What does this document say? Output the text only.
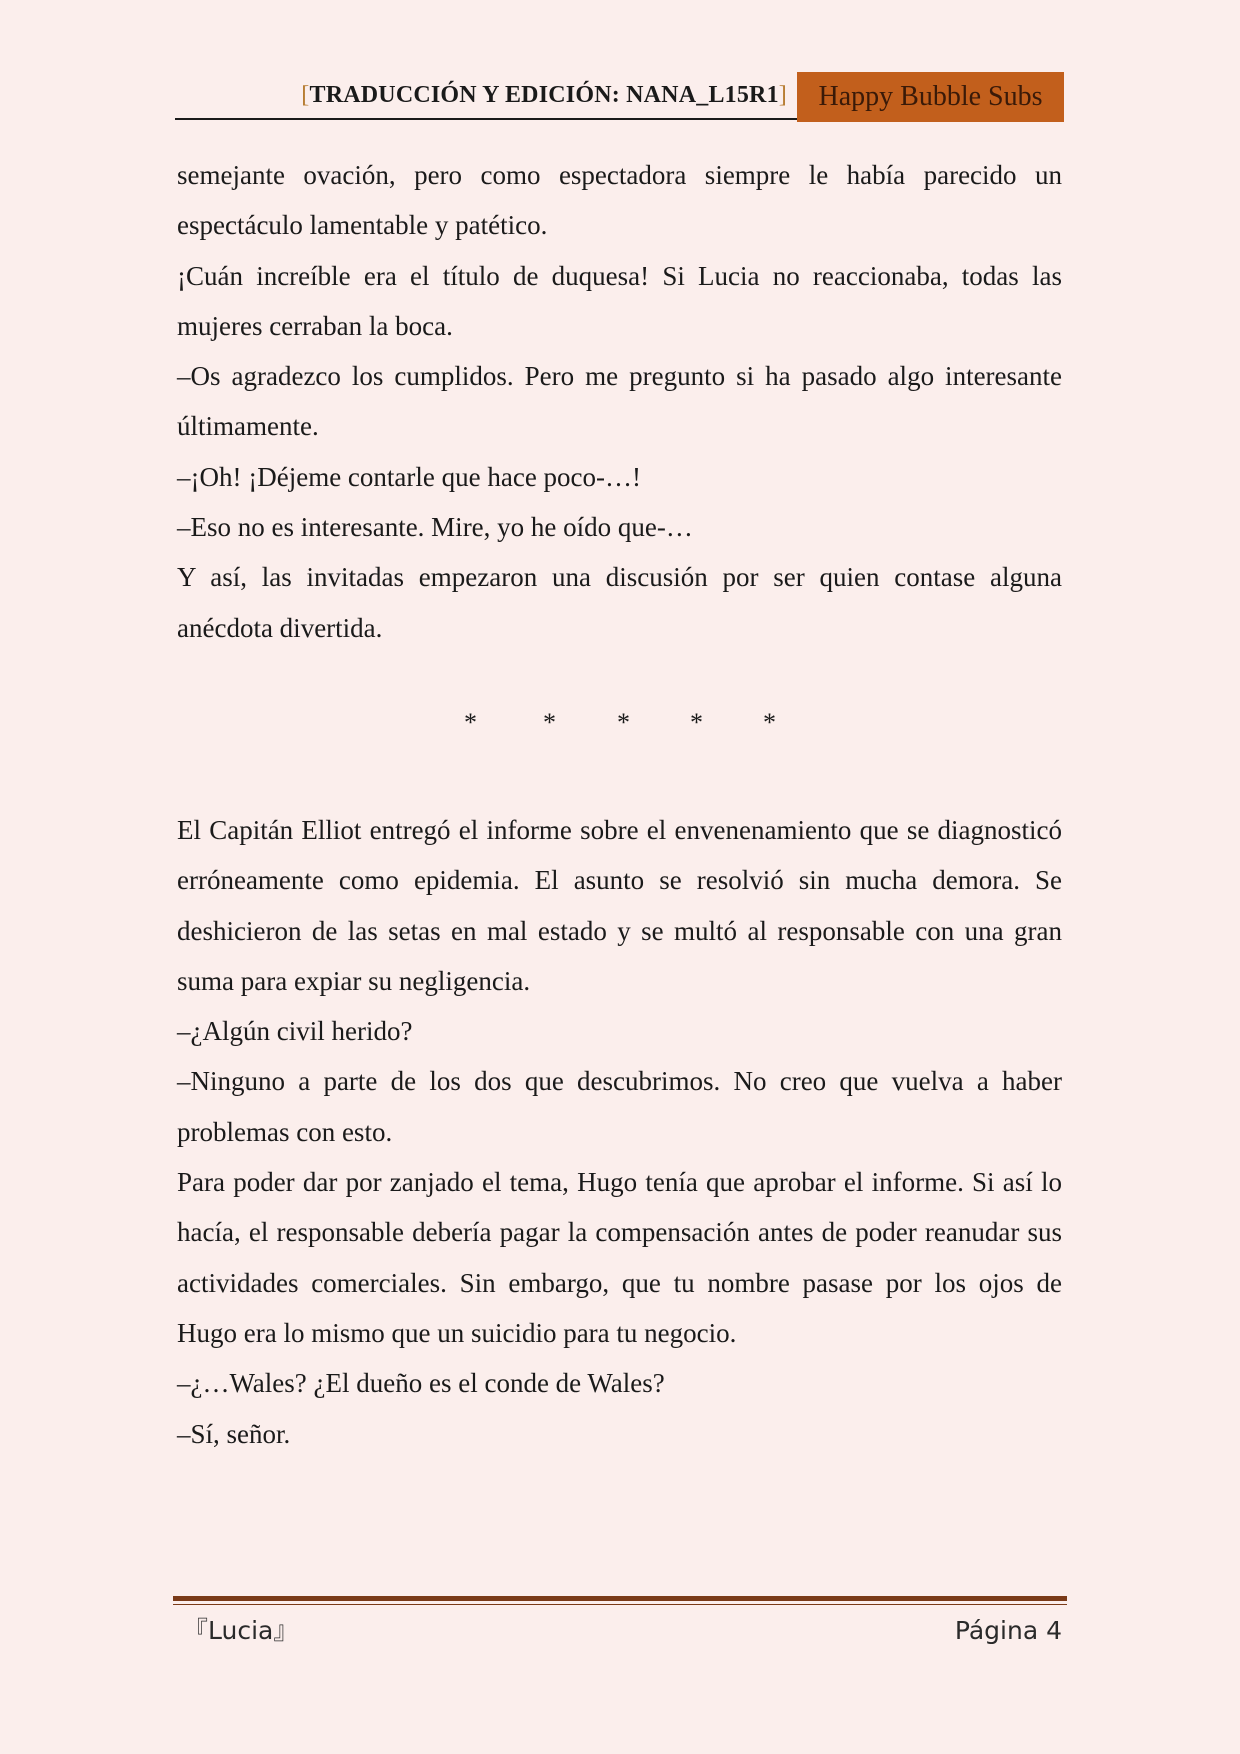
[ TRADUCCIÓN Y EDICIÓN: NANA_L15R1 ]	Happy Bubble Subs

semejante ovación, pero como espectadora siempre le había parecido un espectáculo lamentable y patético.

¡Cuán increíble era el título de duquesa! Si Lucia no reaccionaba, todas las mujeres cerraban la boca.

–Os agradezco los cumplidos. Pero me pregunto si ha pasado algo interesante últimamente.

–¡Oh! ¡Déjeme contarle que hace poco-…!

–Eso no es interesante. Mire, yo he oído que-…

Y así, las invitadas empezaron una discusión por ser quien contase alguna anécdota divertida.

*	* * * *

El Capitán Elliot entregó el informe sobre el envenenamiento que se diagnosticó erróneamente como epidemia. El asunto se resolvió sin mucha demora. Se deshicieron de las setas en mal estado y se multó al responsable con una gran suma para expiar su negligencia.

–¿Algún civil herido?

–Ninguno a parte de los dos que descubrimos. No creo que vuelva a haber problemas con esto.

Para poder dar por zanjado el tema, Hugo tenía que aprobar el informe. Si así lo hacía, el responsable debería pagar la compensación antes de poder reanudar sus actividades comerciales. Sin embargo, que tu nombre pasase por los ojos de Hugo era lo mismo que un suicidio para tu negocio.

–¿…Wales? ¿El dueño es el conde de Wales?

–Sí, señor.

『Lucia』	Página 4
